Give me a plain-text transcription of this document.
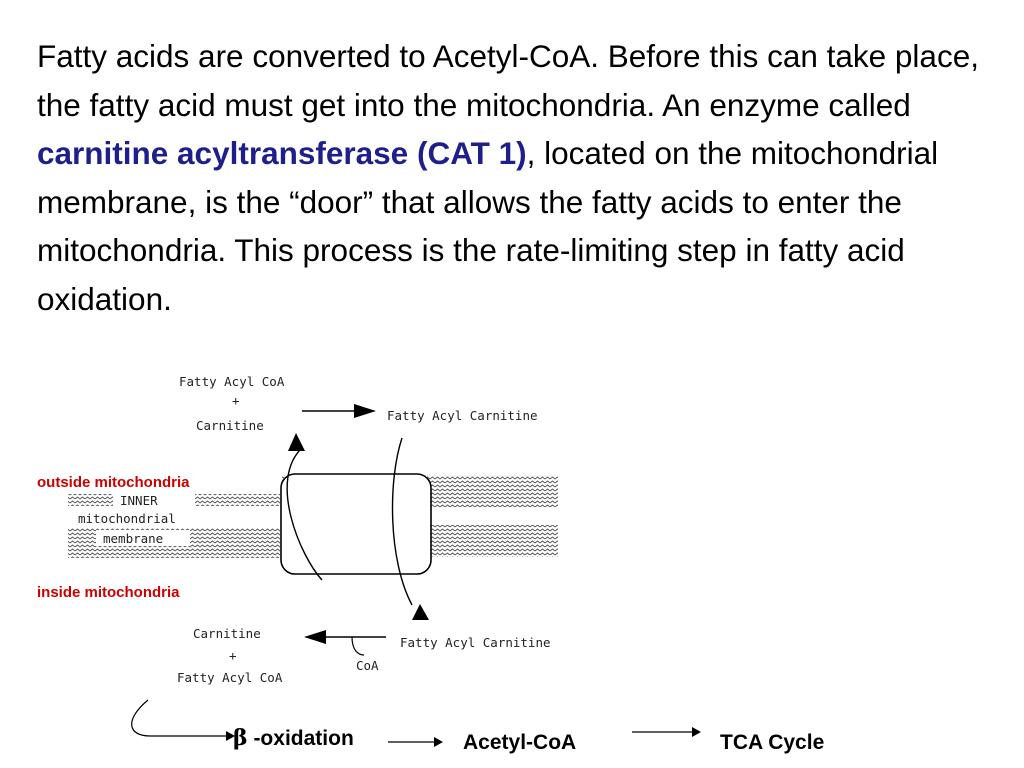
Fatty acids are converted to Acetyl-CoA. Before this can take place, the fatty acid must get into the mitochondria. An enzyme called carnitine acyltransferase (CAT 1), located on the mitochondrial membrane, is the “door” that allows the fatty acids to enter the mitochondria. This process is the rate-limiting step in fatty acid oxidation.

INNER
mitochondrial
membrane
outside mitochondria
inside mitochondria
Fatty Acyl CoA
+
Carnitine
Fatty Acyl Carnitine
Fatty Acyl Carnitine
CoA
Carnitine
+
Fatty Acyl CoA
β -oxidation	Acetyl-CoA	TCA Cycle
